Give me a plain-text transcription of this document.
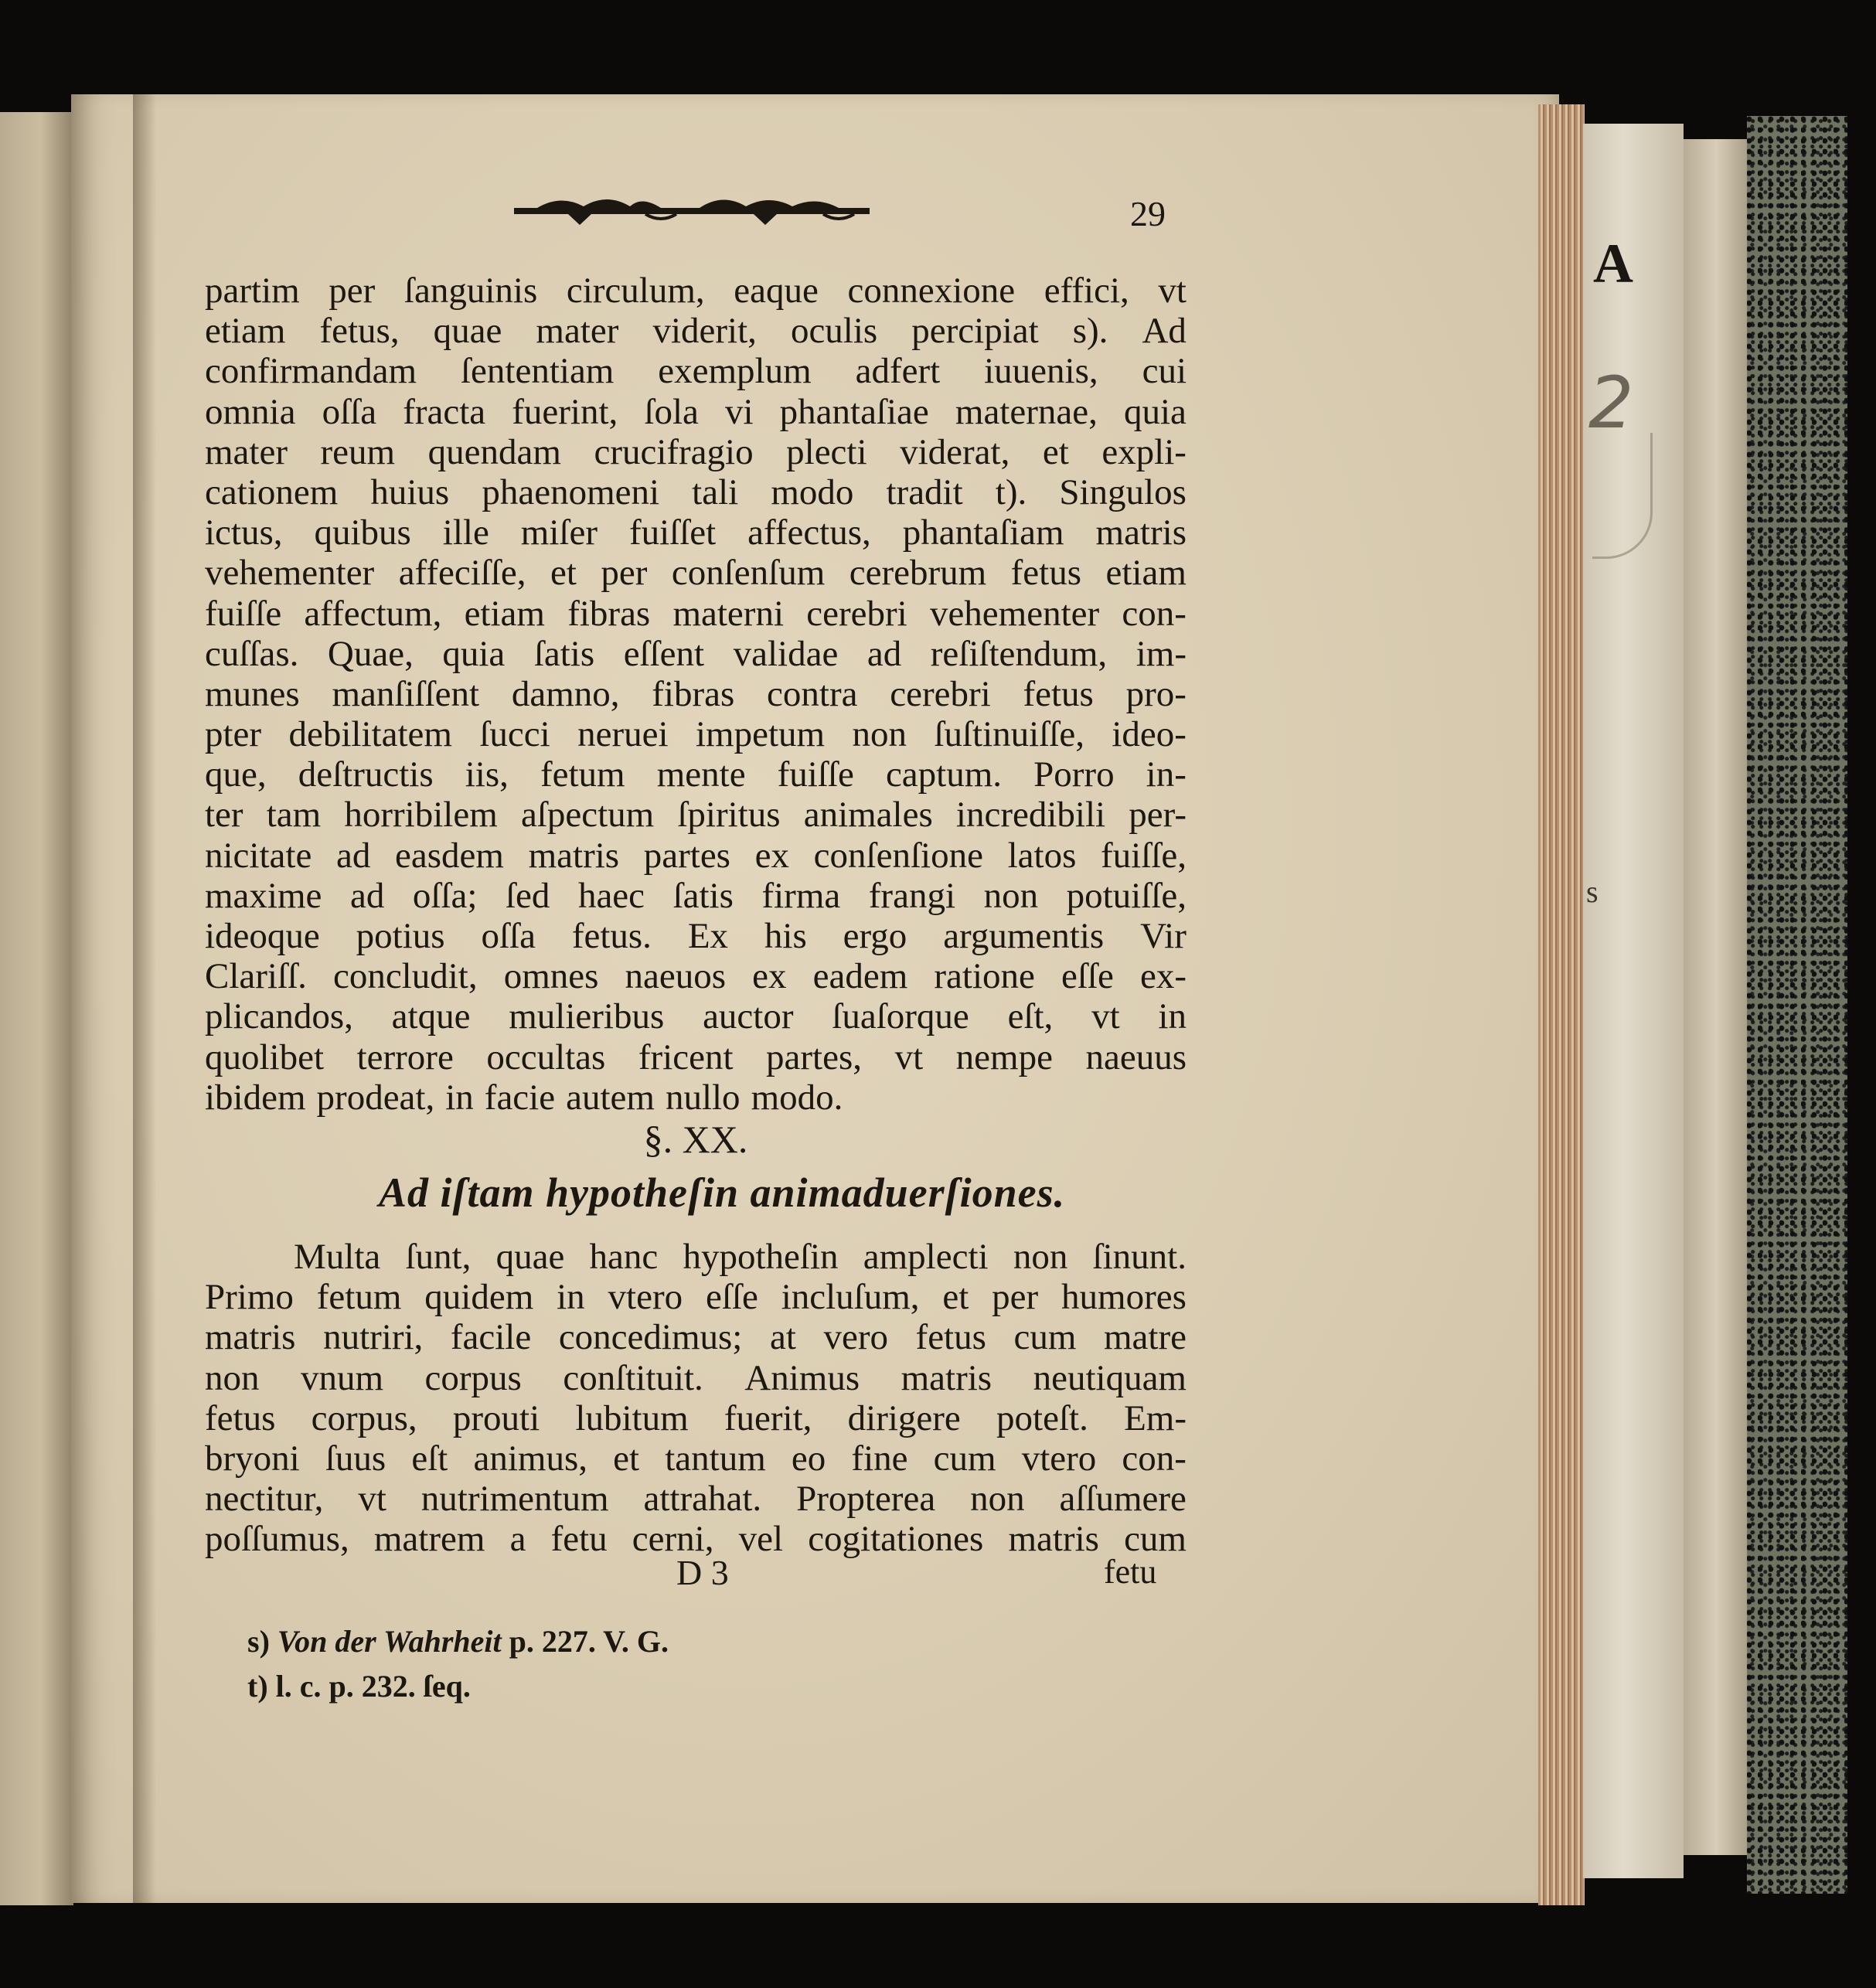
A
2
s
29
partim per ſanguinis circulum, eaque connexione effici, vt
etiam fetus, quae mater viderit, oculis percipiat s). Ad
confirmandam ſententiam exemplum adfert iuuenis, cui
omnia oſſa fracta fuerint, ſola vi phantaſiae maternae, quia
mater reum quendam crucifragio plecti viderat, et expli-
cationem huius phaenomeni tali modo tradit t). Singulos
ictus, quibus ille miſer fuiſſet affectus, phantaſiam matris
vehementer affeciſſe, et per conſenſum cerebrum fetus etiam
fuiſſe affectum, etiam fibras materni cerebri vehementer con-
cuſſas. Quae, quia ſatis eſſent validae ad reſiſtendum, im-
munes manſiſſent damno, fibras contra cerebri fetus pro-
pter debilitatem ſucci neruei impetum non ſuſtinuiſſe, ideo-
que, deſtructis iis, fetum mente fuiſſe captum. Porro in-
ter tam horribilem aſpectum ſpiritus animales incredibili per-
nicitate ad easdem matris partes ex conſenſione latos fuiſſe,
maxime ad oſſa; ſed haec ſatis firma frangi non potuiſſe,
ideoque potius oſſa fetus. Ex his ergo argumentis Vir
Clariſſ. concludit, omnes naeuos ex eadem ratione eſſe ex-
plicandos, atque mulieribus auctor ſuaſorque eſt, vt in
quolibet terrore occultas fricent partes, vt nempe naeuus
ibidem prodeat, in facie autem nullo modo.
§. XX.
Ad iſtam hypotheſin animaduerſiones.
Multa ſunt, quae hanc hypotheſin amplecti non ſinunt.
Primo fetum quidem in vtero eſſe incluſum, et per humores
matris nutriri, facile concedimus; at vero fetus cum matre
non vnum corpus conſtituit. Animus matris neutiquam
fetus corpus, prouti lubitum fuerit, dirigere poteſt. Em-
bryoni ſuus eſt animus, et tantum eo fine cum vtero con-
nectitur, vt nutrimentum attrahat. Propterea non aſſumere
poſſumus, matrem a fetu cerni, vel cogitationes matris cum
D 3	fetu
s) Von der Wahrheit p. 227. V. G.
t) l. c. p. 232. ſeq.
